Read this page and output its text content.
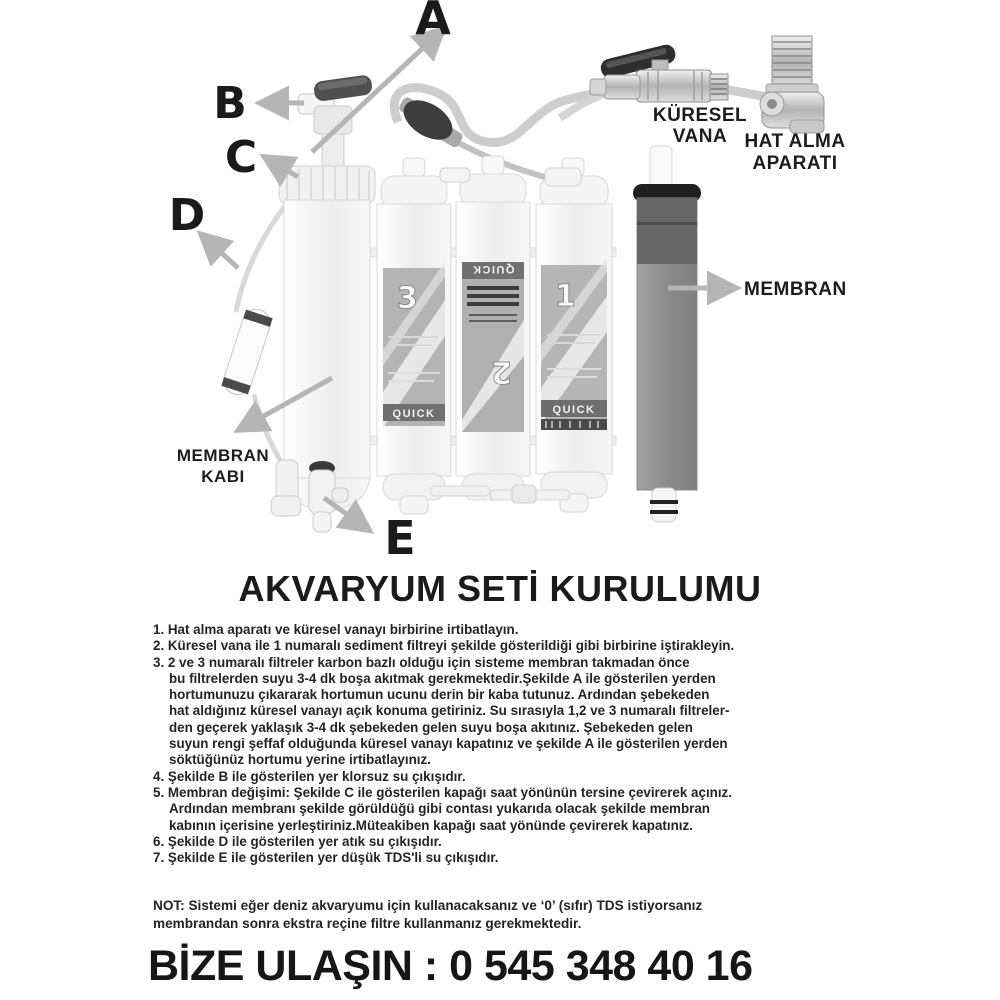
3
QUICK
QUICK
2
1
QUICK
A
B
C
D
E
KÜRESEL
VANA HAT ALMA
APARATI
MEMBRAN
MEMBRAN
KABI
AKVARYUM SETİ KURULUMU
1. Hat alma aparatı ve küresel vanayı birbirine irtibatlayın.
2. Küresel vana ile 1 numaralı sediment filtreyi şekilde gösterildiği gibi birbirine iştirakleyin.
3. 2 ve 3 numaralı filtreler karbon bazlı olduğu için sisteme membran takmadan önce
bu filtrelerden suyu 3-4 dk boşa akıtmak gerekmektedir.Şekilde A ile gösterilen yerden
hortumunuzu çıkararak hortumun ucunu derin bir kaba tutunuz. Ardından şebekeden
hat aldığınız küresel vanayı açık konuma getiriniz. Su sırasıyla 1,2 ve 3 numaralı filtreler-
den geçerek yaklaşık 3-4 dk şebekeden gelen suyu boşa akıtınız. Şebekeden gelen
suyun rengi şeffaf olduğunda küresel vanayı kapatınız ve şekilde A ile gösterilen yerden
söktüğünüz hortumu yerine irtibatlayınız.
4. Şekilde B ile gösterilen yer klorsuz su çıkışıdır.
5. Membran değişimi: Şekilde C ile gösterilen kapağı saat yönünün tersine çevirerek açınız.
Ardından membranı şekilde görüldüğü gibi contası yukarıda olacak şekilde membran
kabının içerisine yerleştiriniz.Müteakiben kapağı saat yönünde çevirerek kapatınız.
6. Şekilde D ile gösterilen yer atık su çıkışıdır.
7. Şekilde E ile gösterilen yer düşük TDS'li su çıkışıdır.
NOT: Sistemi eğer deniz akvaryumu için kullanacaksanız ve ‘0’ (sıfır) TDS istiyorsanız
membrandan sonra ekstra reçine filtre kullanmanız gerekmektedir.
BİZE ULAŞIN : 0 545 348 40 16
